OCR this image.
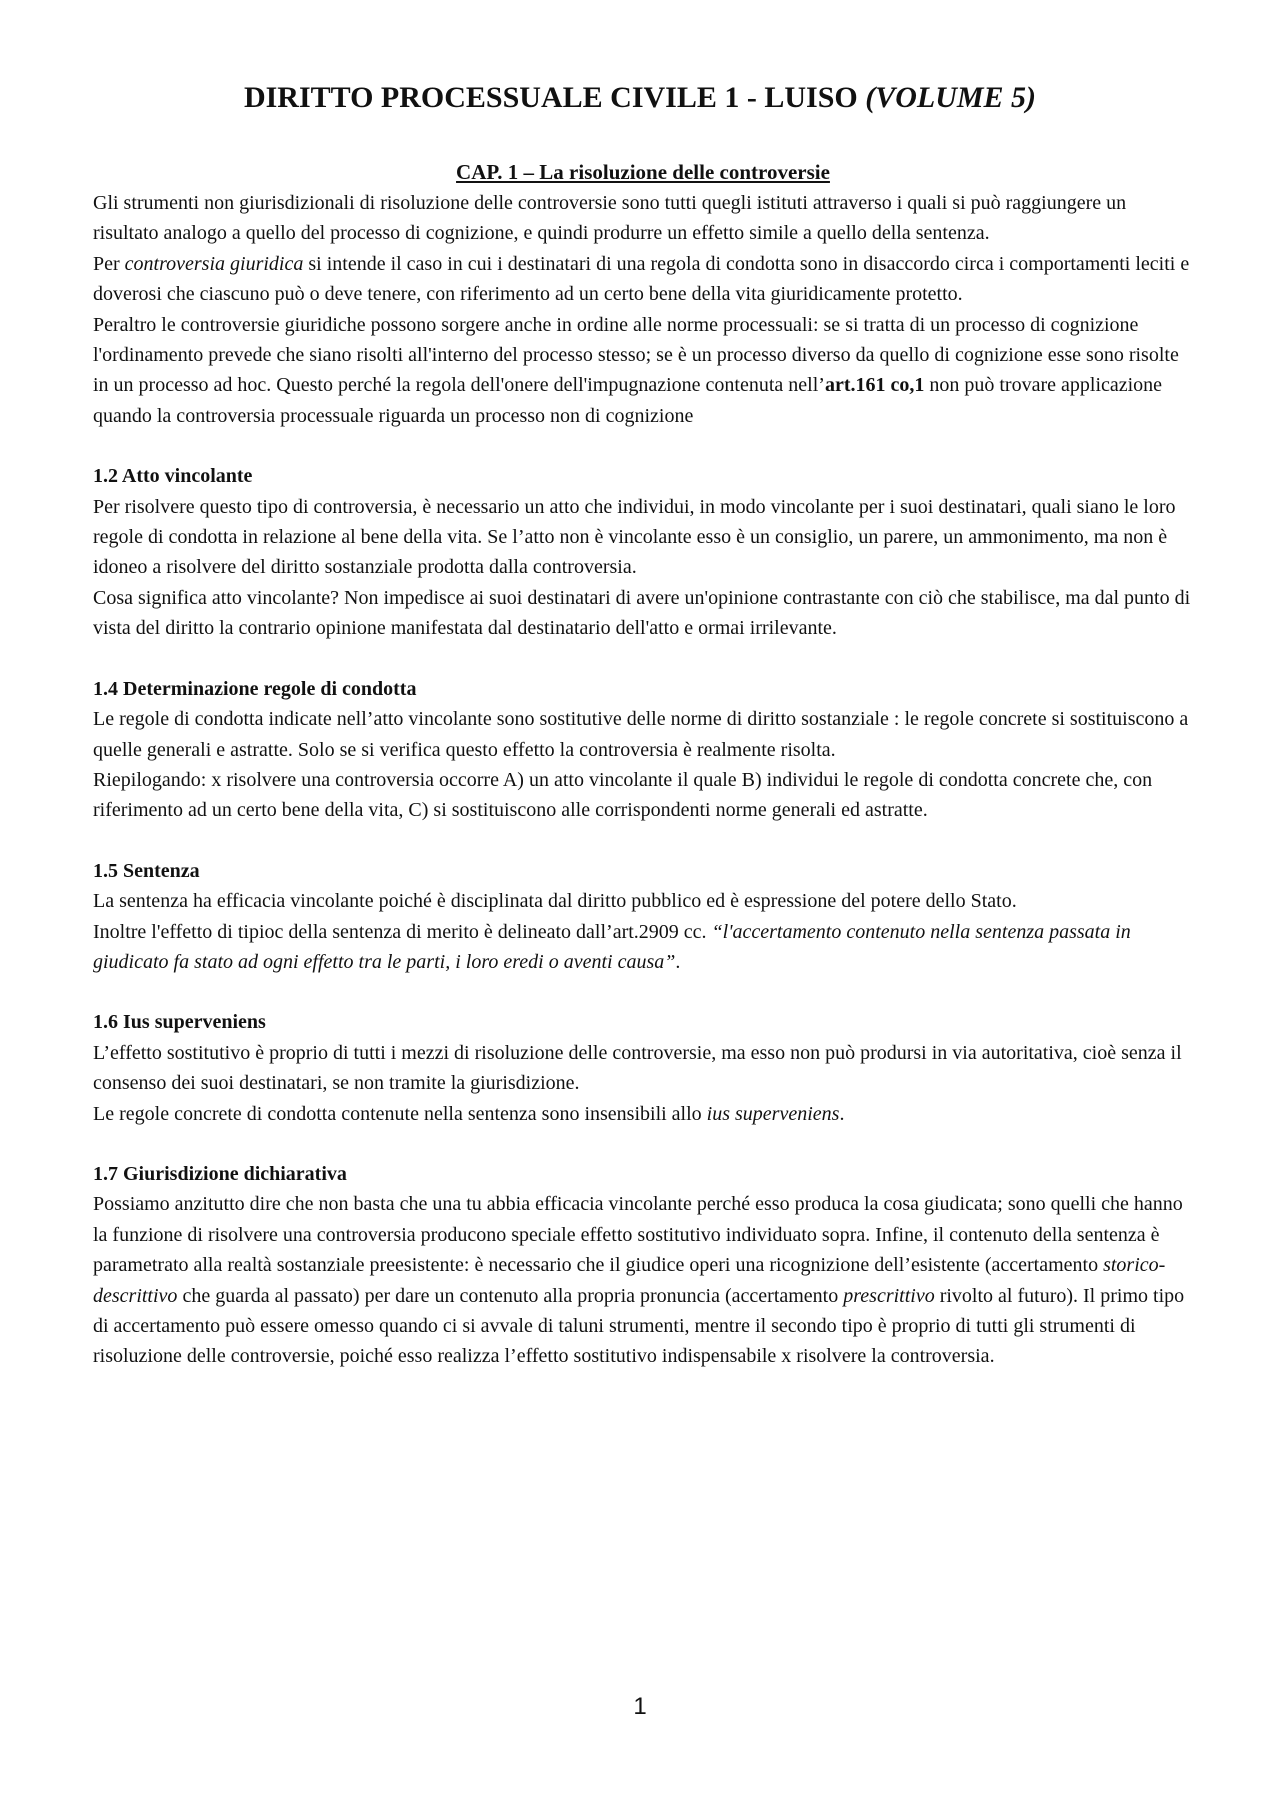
DIRITTO PROCESSUALE CIVILE 1 - LUISO (VOLUME 5)
CAP. 1 – La risoluzione delle controversie

Gli strumenti non giurisdizionali di risoluzione delle controversie sono tutti quegli istituti attraverso i quali si può raggiungere un risultato analogo a quello del processo di cognizione, e quindi produrre un effetto simile a quello della sentenza.

Per controversia giuridica si intende il caso in cui i destinatari di una regola di condotta sono in disaccordo circa i comportamenti leciti e doverosi che ciascuno può o deve tenere, con riferimento ad un certo bene della vita giuridicamente protetto.

Peraltro le controversie giuridiche possono sorgere anche in ordine alle norme processuali: se si tratta di un processo di cognizione l'ordinamento prevede che siano risolti all'interno del processo stesso; se è un processo diverso da quello di cognizione esse sono risolte in un processo ad hoc. Questo perché la regola dell'onere dell'impugnazione contenuta nell’art.161 co,1 non può trovare applicazione quando la controversia processuale riguarda un processo non di cognizione

1.2 Atto vincolante

Per risolvere questo tipo di controversia, è necessario un atto che individui, in modo vincolante per i suoi destinatari, quali siano le loro regole di condotta in relazione al bene della vita. Se l’atto non è vincolante esso è un consiglio, un parere, un ammonimento, ma non è idoneo a risolvere del diritto sostanziale prodotta dalla controversia.

Cosa significa atto vincolante? Non impedisce ai suoi destinatari di avere un'opinione contrastante con ciò che stabilisce, ma dal punto di vista del diritto la contrario opinione manifestata dal destinatario dell'atto e ormai irrilevante.

1.4 Determinazione regole di condotta

Le regole di condotta indicate nell’atto vincolante sono sostitutive delle norme di diritto sostanziale : le regole concrete si sostituiscono a quelle generali e astratte. Solo se si verifica questo effetto la controversia è realmente risolta.

Riepilogando: x risolvere una controversia occorre A) un atto vincolante il quale B) individui le regole di condotta concrete che, con riferimento ad un certo bene della vita, C) si sostituiscono alle corrispondenti norme generali ed astratte.

1.5 Sentenza

La sentenza ha efficacia vincolante poiché è disciplinata dal diritto pubblico ed è espressione del potere dello Stato.

Inoltre l'effetto di tipioc della sentenza di merito è delineato dall’art.2909 cc. “l'accertamento contenuto nella sentenza passata in giudicato fa stato ad ogni effetto tra le parti, i loro eredi o aventi causa”.

1.6 Ius superveniens

L’effetto sostitutivo è proprio di tutti i mezzi di risoluzione delle controversie, ma esso non può prodursi in via autoritativa, cioè senza il consenso dei suoi destinatari, se non tramite la giurisdizione.

Le regole concrete di condotta contenute nella sentenza sono insensibili allo ius superveniens.

1.7 Giurisdizione dichiarativa

Possiamo anzitutto dire che non basta che una tu abbia efficacia vincolante perché esso produca la cosa giudicata; sono quelli che hanno la funzione di risolvere una controversia producono speciale effetto sostitutivo individuato sopra. Infine, il contenuto della sentenza è parametrato alla realtà sostanziale preesistente: è necessario che il giudice operi una ricognizione dell’esistente (accertamento storico-descrittivo che guarda al passato) per dare un contenuto alla propria pronuncia (accertamento prescrittivo rivolto al futuro). Il primo tipo di accertamento può essere omesso quando ci si avvale di taluni strumenti, mentre il secondo tipo è proprio di tutti gli strumenti di risoluzione delle controversie, poiché esso realizza l’effetto sostitutivo indispensabile x risolvere la controversia.

1
